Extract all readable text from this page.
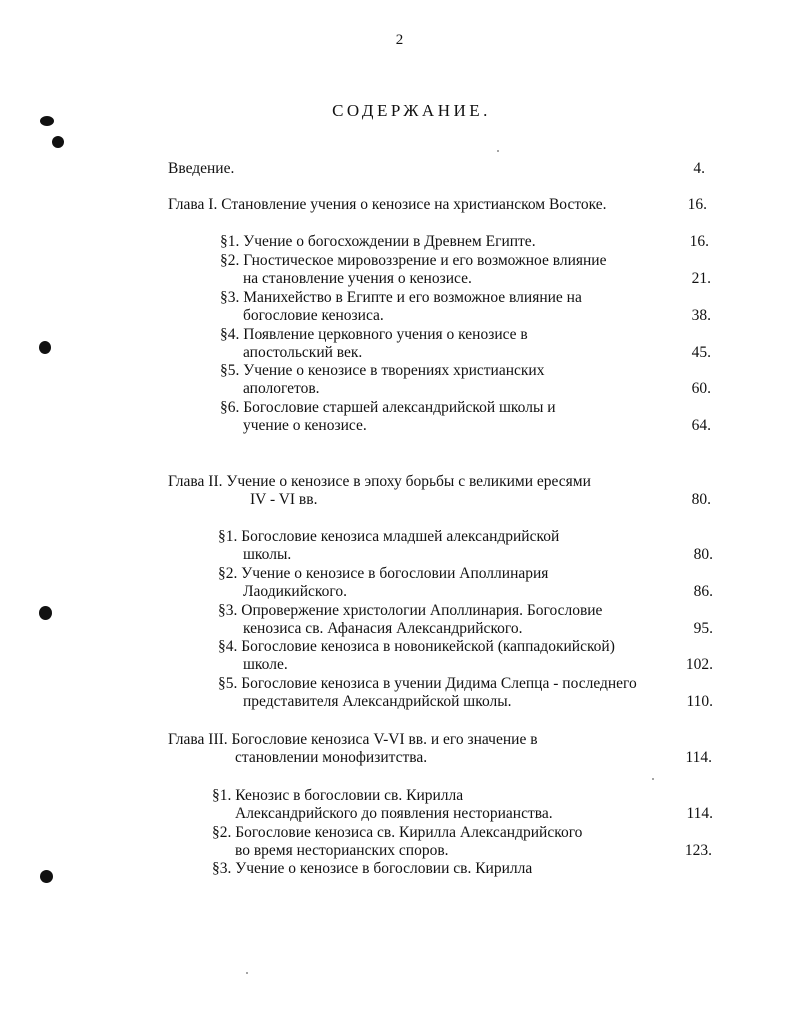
2
СОДЕРЖАНИЕ.
Введение.	4.
Глава I. Становление учения о кенозисе на христианском Востоке.	16.
§1. Учение о богосхождении в Древнем Египте.	16.
§2. Гностическое мировоззрение и его возможное влияние
на становление учения о кенозисе.	21.
§3. Манихейство в Египте и его возможное влияние на
богословие кенозиса.	38.
§4. Появление церковного учения о кенозисе в
апостольский век.	45.
§5. Учение о кенозисе в творениях христианских
апологетов.	60.
§6. Богословие старшей александрийской школы и
учение о кенозисе.	64.
Глава II. Учение о кенозисе в эпоху борьбы с великими ересями
IV - VI вв.	80.
§1. Богословие кенозиса младшей александрийской
школы.	80.
§2. Учение о кенозисе в богословии Аполлинария
Лаодикийского.	86.
§3. Опровержение христологии Аполлинария. Богословие
кенозиса св. Афанасия Александрийского.	95.
§4. Богословие кенозиса в новоникейской (каппадокийской)
школе.	102.
§5. Богословие кенозиса в учении Дидима Слепца - последнего
представителя Александрийской школы.	110.
Глава III. Богословие кенозиса V-VI вв. и его значение в
становлении монофизитства.	114.
§1. Кенозис в богословии св. Кирилла
Александрийского до появления несторианства.	114.
§2. Богословие кенозиса св. Кирилла Александрийского
во время несторианских споров.	123.
§3. Учение о кенозисе в богословии св. Кирилла
